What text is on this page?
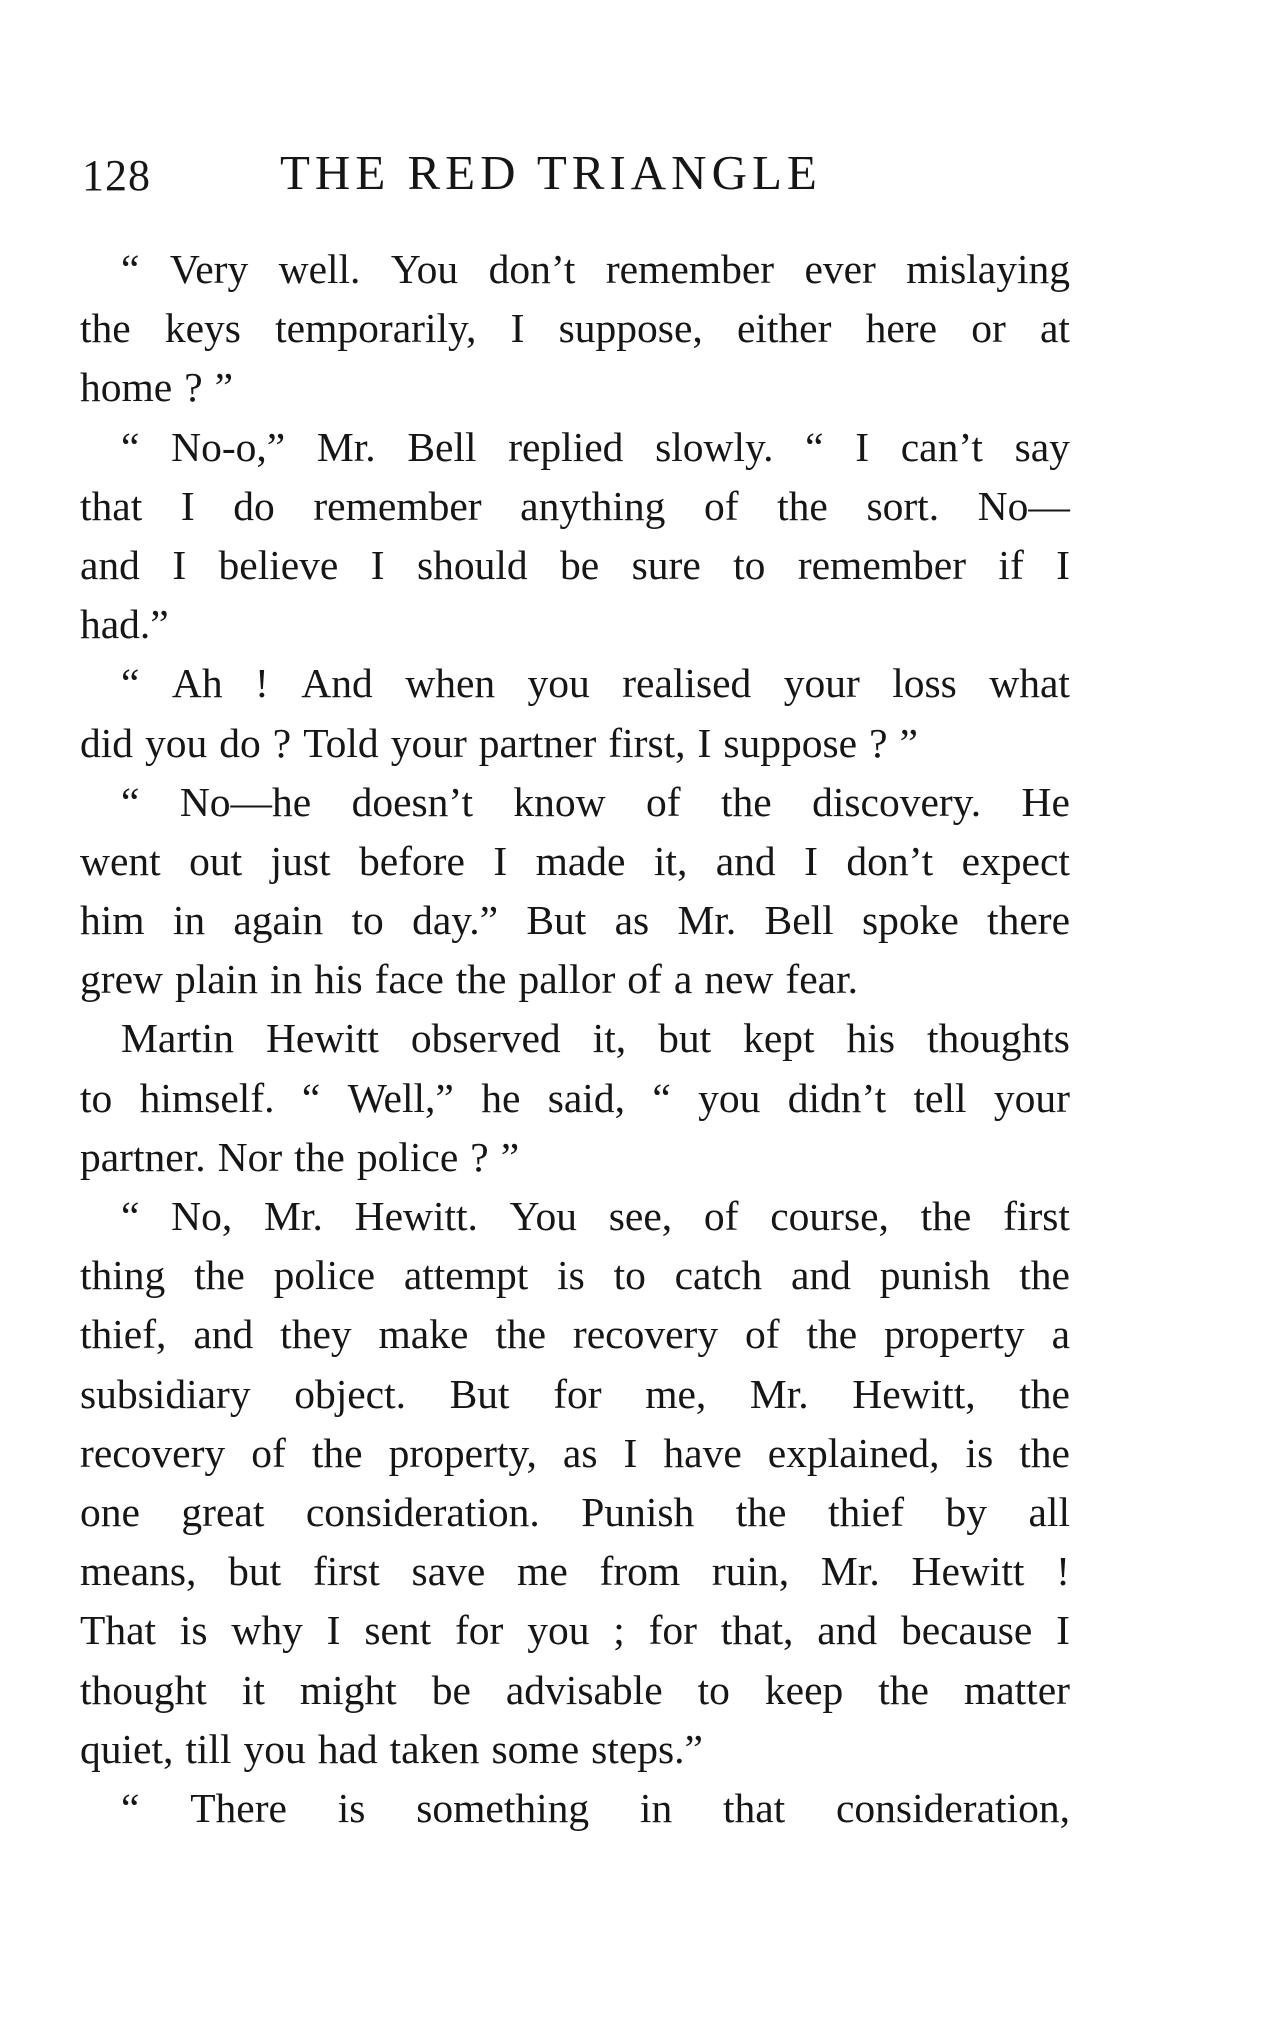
128	THE RED TRIANGLE
“ Very well. You don’t remember ever mislaying
the keys temporarily, I suppose, either here or at
home ? ”
“ No-o,” Mr. Bell replied slowly. “ I can’t say
that I do remember anything of the sort. No—
and I believe I should be sure to remember if I
had.”
“ Ah ! And when you realised your loss what
did you do ? Told your partner first, I suppose ? ”
“ No—he doesn’t know of the discovery. He
went out just before I made it, and I don’t expect
him in again to day.” But as Mr. Bell spoke there
grew plain in his face the pallor of a new fear.
Martin Hewitt observed it, but kept his thoughts
to himself. “ Well,” he said, “ you didn’t tell your
partner. Nor the police ? ”
“ No, Mr. Hewitt. You see, of course, the first
thing the police attempt is to catch and punish the
thief, and they make the recovery of the property a
subsidiary object. But for me, Mr. Hewitt, the
recovery of the property, as I have explained, is the
one great consideration. Punish the thief by all
means, but first save me from ruin, Mr. Hewitt !
That is why I sent for you ; for that, and because I
thought it might be advisable to keep the matter
quiet, till you had taken some steps.”
“ There is something in that consideration,
